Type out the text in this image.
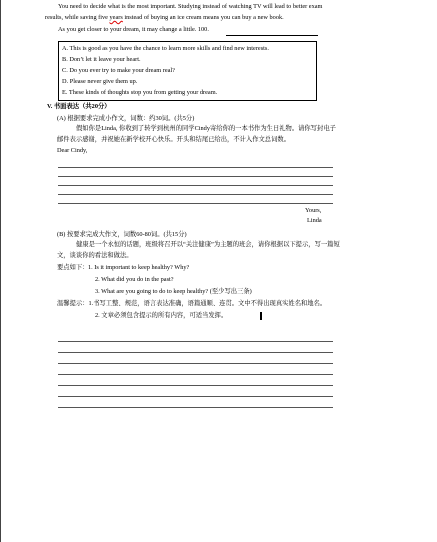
You need to decide what is the most important. Studying instead of watching TV will lead to better exam
results, while saving five years instead of buying an ice cream means you can buy a new book.
As you get closer to your dream, it may change a little. 100.
A. This is good as you have the chance to learn more skills and find new interests.
B. Don’t let it leave your heart.
C. Do you ever try to make your dream real?
D. Please never give them up.
E. These kinds of thoughts stop you from getting your dream.
V. 书面表达（共20分）
(A) 根据要求完成小作文，词数：约30词。(共5分)
假如你是Linda, 你收到了转学到杭州的同学Cindy寄给你的一本书作为生日礼物。请你写封电子
邮件表示感谢，并祝她在新学校开心快乐。开头和结尾已给出，不计入作文总词数。
Dear Cindy,
Yours,
Linda
(B) 按要求完成大作文，词数60-80词。(共15分)
健康是一个永恒的话题，班级将召开以“关注健康”为主题的班会，请你根据以下提示，写一篇短
文，谈谈你的看法和做法。
要点如下： 1. Is it important to keep healthy? Why?
2. What did you do in the past?
3. What are you going to do to keep healthy? (至少写出三条)
温馨提示：1.书写工整、规范，语言表达准确，语篇通顺、连贯。文中不得出现真实姓名和地名。
2. 文章必须包含提示的所有内容，可适当发挥。
